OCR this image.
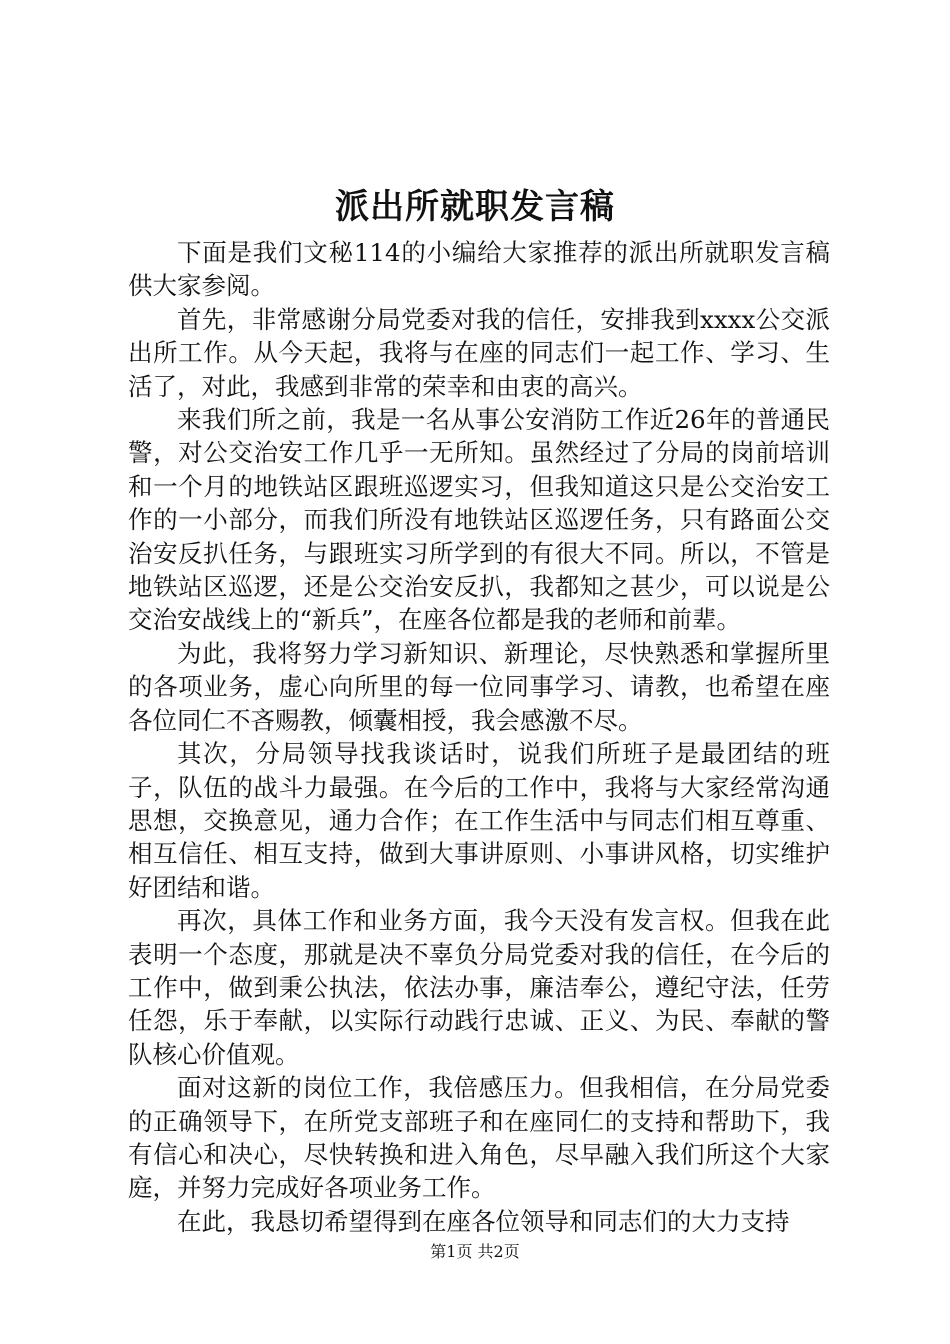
派出所就职发言稿

下面是我们文秘114的小编给大家推荐的派出所就职发言稿供大家参阅。

首先，非常感谢分局党委对我的信任，安排我到xxxx公交派出所工作。从今天起，我将与在座的同志们一起工作、学习、生活了，对此，我感到非常的荣幸和由衷的高兴。

来我们所之前，我是一名从事公安消防工作近26年的普通民警，对公交治安工作几乎一无所知。虽然经过了分局的岗前培训和一个月的地铁站区跟班巡逻实习，但我知道这只是公交治安工作的一小部分，而我们所没有地铁站区巡逻任务，只有路面公交治安反扒任务，与跟班实习所学到的有很大不同。所以，不管是地铁站区巡逻，还是公交治安反扒，我都知之甚少，可以说是公交治安战线上的“新兵”，在座各位都是我的老师和前辈。

为此，我将努力学习新知识、新理论，尽快熟悉和掌握所里的各项业务，虚心向所里的每一位同事学习、请教，也希望在座各位同仁不吝赐教，倾囊相授，我会感激不尽。

其次，分局领导找我谈话时，说我们所班子是最团结的班子，队伍的战斗力最强。在今后的工作中，我将与大家经常沟通思想，交换意见，通力合作；在工作生活中与同志们相互尊重、相互信任、相互支持，做到大事讲原则、小事讲风格，切实维护好团结和谐。

再次，具体工作和业务方面，我今天没有发言权。但我在此表明一个态度，那就是决不辜负分局党委对我的信任，在今后的工作中，做到秉公执法，依法办事，廉洁奉公，遵纪守法，任劳任怨，乐于奉献，以实际行动践行忠诚、正义、为民、奉献的警队核心价值观。

面对这新的岗位工作，我倍感压力。但我相信，在分局党委的正确领导下，在所党支部班子和在座同仁的支持和帮助下，我有信心和决心，尽快转换和进入角色，尽早融入我们所这个大家庭，并努力完成好各项业务工作。

在此，我恳切希望得到在座各位领导和同志们的大力支持

第1页 共2页
